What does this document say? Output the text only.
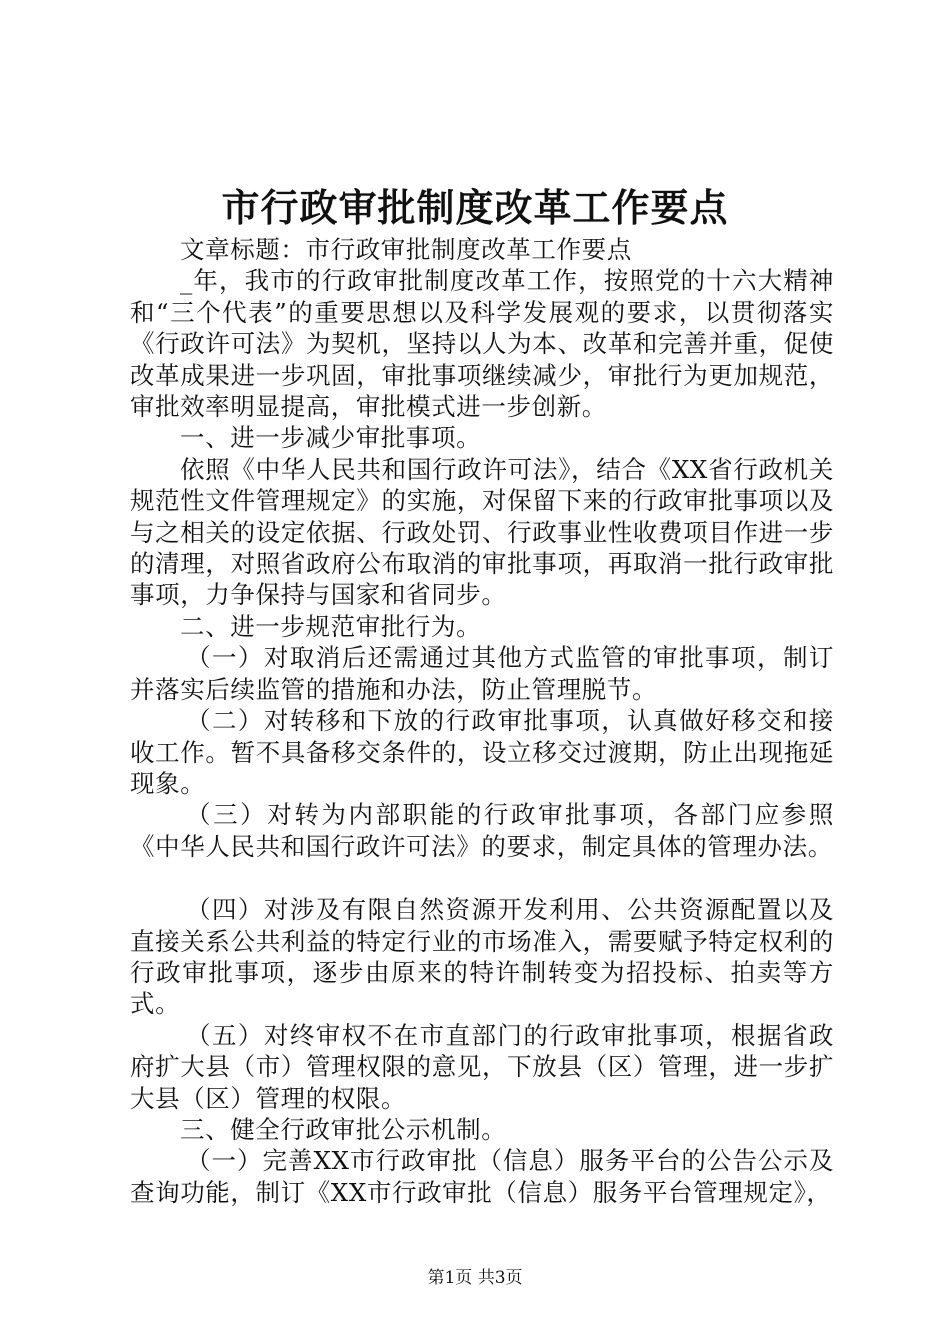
市行政审批制度改革工作要点

文章标题：市行政审批制度改革工作要点

_年，我市的行政审批制度改革工作，按照党的十六大精神和“三个代表”的重要思想以及科学发展观的要求，以贯彻落实《行政许可法》为契机，坚持以人为本、改革和完善并重，促使改革成果进一步巩固，审批事项继续减少，审批行为更加规范，审批效率明显提高，审批模式进一步创新。

一、进一步减少审批事项。

依照《中华人民共和国行政许可法》，结合《XX省行政机关规范性文件管理规定》的实施，对保留下来的行政审批事项以及与之相关的设定依据、行政处罚、行政事业性收费项目作进一步的清理，对照省政府公布取消的审批事项，再取消一批行政审批事项，力争保持与国家和省同步。

二、进一步规范审批行为。

（一）对取消后还需通过其他方式监管的审批事项，制订并落实后续监管的措施和办法，防止管理脱节。

（二）对转移和下放的行政审批事项，认真做好移交和接收工作。暂不具备移交条件的，设立移交过渡期，防止出现拖延现象。

（三）对转为内部职能的行政审批事项，各部门应参照《中华人民共和国行政许可法》的要求，制定具体的管理办法。

（四）对涉及有限自然资源开发利用、公共资源配置以及直接关系公共利益的特定行业的市场准入，需要赋予特定权利的行政审批事项，逐步由原来的特许制转变为招投标、拍卖等方式。

（五）对终审权不在市直部门的行政审批事项，根据省政府扩大县（市）管理权限的意见，下放县（区）管理，进一步扩大县（区）管理的权限。

三、健全行政审批公示机制。

（一）完善XX市行政审批（信息）服务平台的公告公示及查询功能，制订《XX市行政审批（信息）服务平台管理规定》，

第1页 共3页
